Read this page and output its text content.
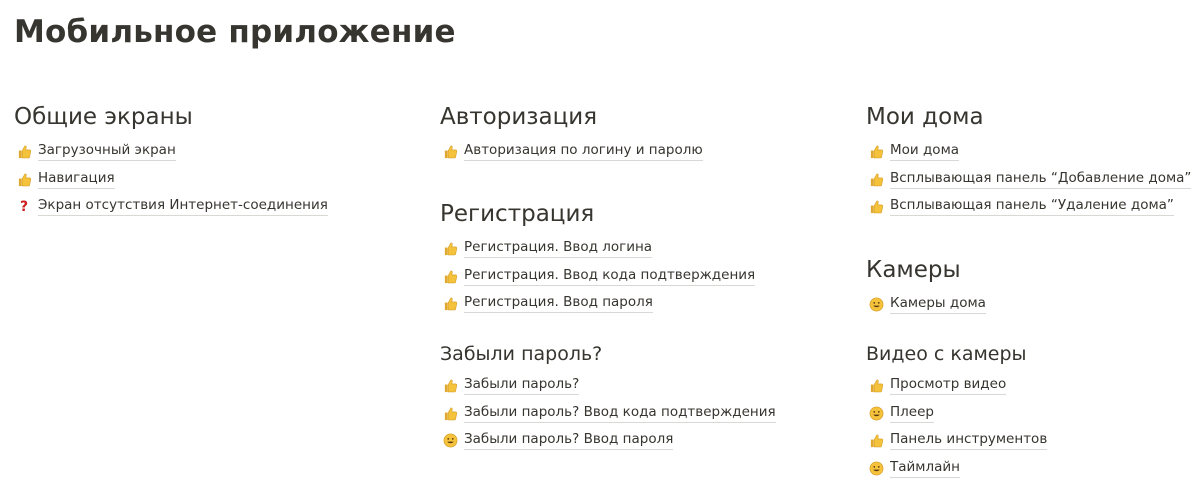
Мобильное приложение
Общие экраны
Загрузочный экран
Навигация
? Экран отсутствия Интернет-соединения
Авторизация
Авторизация по логину и паролю
Регистрация
Регистрация. Ввод логина
Регистрация. Ввод кода подтверждения
Регистрация. Ввод пароля
Забыли пароль?
Забыли пароль?
Забыли пароль? Ввод кода подтверждения
Забыли пароль? Ввод пароля
Мои дома
Мои дома
Всплывающая панель “Добавление дома”
Всплывающая панель “Удаление дома”
Камеры
Камеры дома
Видео с камеры
Просмотр видео
Плеер
Панель инструментов
Таймлайн
